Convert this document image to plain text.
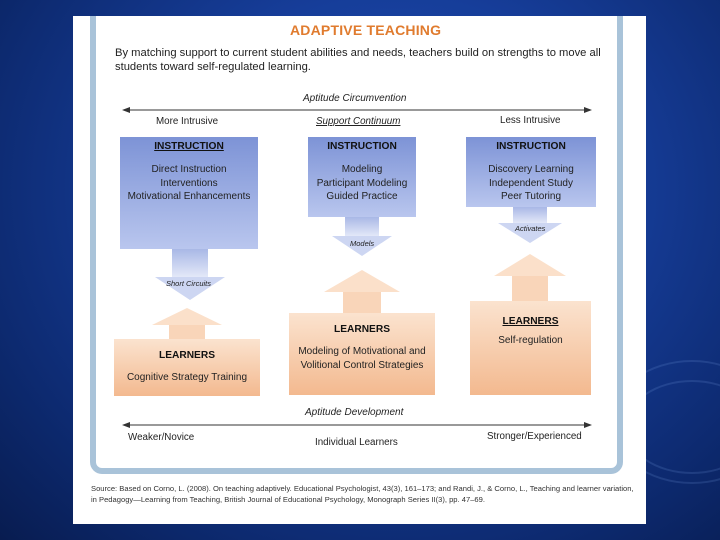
ADAPTIVE TEACHING
By matching support to current student abilities and needs, teachers build on strengths to move all students toward self-regulated learning.
Aptitude Circumvention
More Intrusive	Support Continuum	Less Intrusive
INSTRUCTION
Direct Instruction
Interventions
Motivational Enhancements
Short Circuits
LEARNERS
Cognitive Strategy Training
INSTRUCTION
Modeling
Participant Modeling
Guided Practice
Models
LEARNERS
Modeling of Motivational and
Volitional Control Strategies
INSTRUCTION
Discovery Learning
Independent Study
Peer Tutoring
Activates
LEARNERS
Self-regulation
Aptitude Development
Weaker/Novice	Individual Learners
Stronger/Experienced
Source: Based on Corno, L. (2008). On teaching adaptively. Educational Psychologist, 43(3), 161–173; and Randi, J., & Corno, L., Teaching and learner variation, in Pedagogy—Learning from Teaching, British Journal of Educational Psychology, Monograph Series II(3), pp. 47–69.
